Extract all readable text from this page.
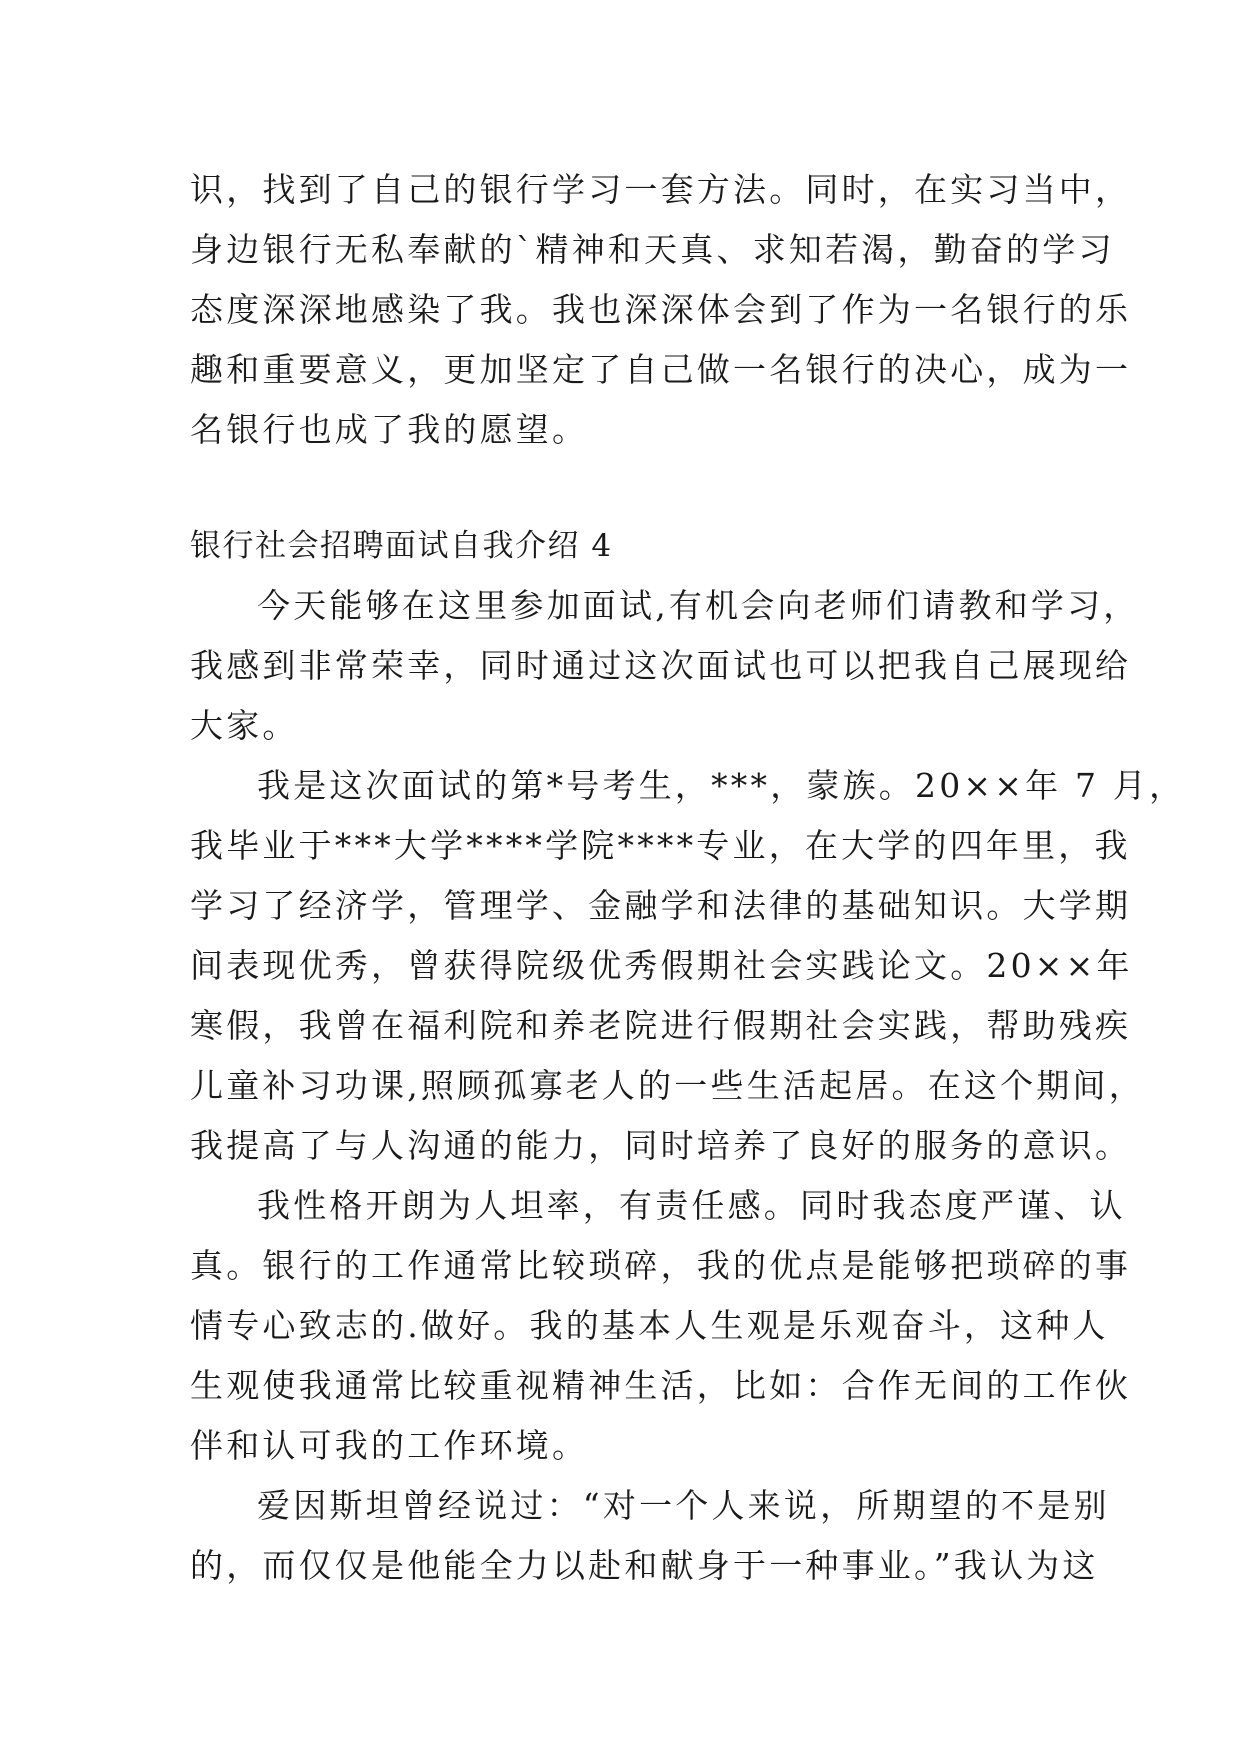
识，找到了自己的银行学习一套方法。同时，在实习当中，
身边银行无私奉献的`精神和天真、求知若渴，勤奋的学习
态度深深地感染了我。我也深深体会到了作为一名银行的乐
趣和重要意义，更加坚定了自己做一名银行的决心，成为一
名银行也成了我的愿望。
银行社会招聘面试自我介绍 4
今天能够在这里参加面试,有机会向老师们请教和学习，
我感到非常荣幸，同时通过这次面试也可以把我自己展现给
大家。
我是这次面试的第*号考生，***，蒙族。20××年 7 月，
我毕业于***大学****学院****专业，在大学的四年里，我
学习了经济学，管理学、金融学和法律的基础知识。大学期
间表现优秀，曾获得院级优秀假期社会实践论文。20××年
寒假，我曾在福利院和养老院进行假期社会实践，帮助残疾
儿童补习功课,照顾孤寡老人的一些生活起居。在这个期间，
我提高了与人沟通的能力，同时培养了良好的服务的意识。
我性格开朗为人坦率，有责任感。同时我态度严谨、认
真。银行的工作通常比较琐碎，我的优点是能够把琐碎的事
情专心致志的.做好。我的基本人生观是乐观奋斗，这种人
生观使我通常比较重视精神生活，比如：合作无间的工作伙
伴和认可我的工作环境。
爱因斯坦曾经说过：“对一个人来说，所期望的不是别
的，而仅仅是他能全力以赴和献身于一种事业。”我认为这
